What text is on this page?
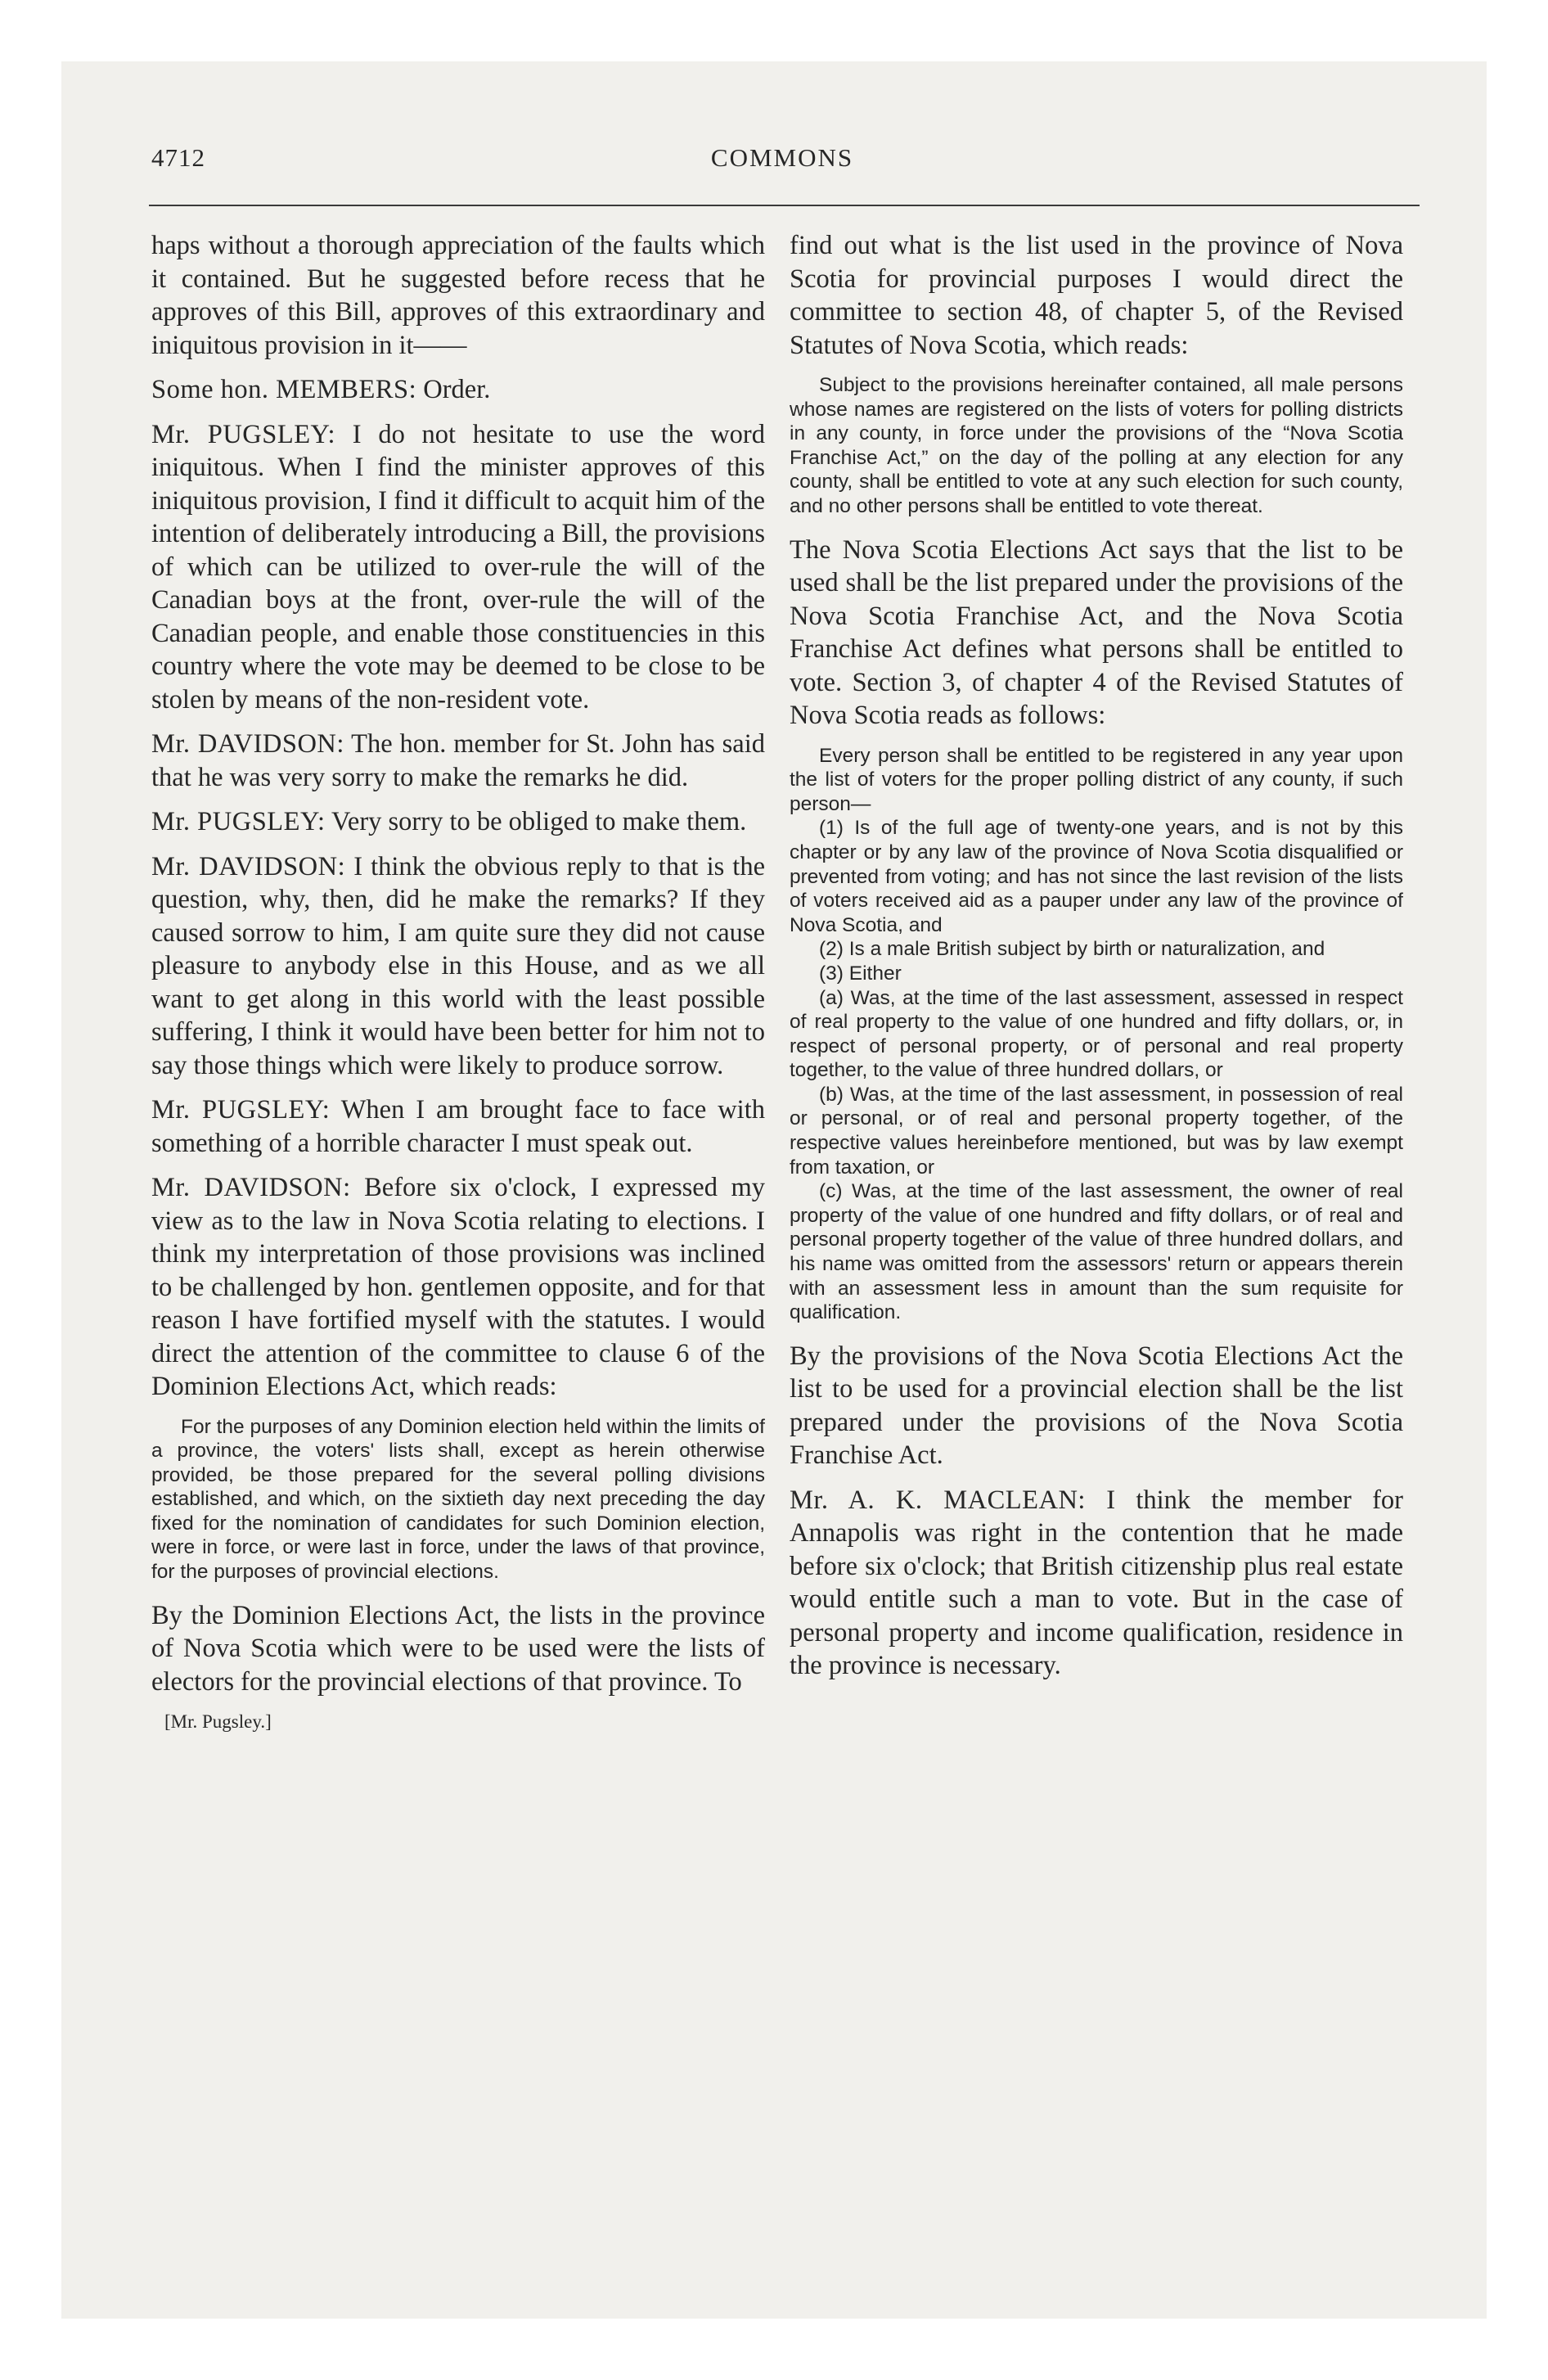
4712	COMMONS

haps without a thorough appreciation of the faults which it contained. But he suggested before recess that he approves of this Bill, approves of this extraordinary and iniquitous provision in it——

Some hon. MEMBERS: Order.

Mr. PUGSLEY: I do not hesitate to use the word iniquitous. When I find the minister approves of this iniquitous provision, I find it difficult to acquit him of the intention of deliberately introducing a Bill, the provisions of which can be utilized to over-rule the will of the Canadian boys at the front, over-rule the will of the Canadian people, and enable those constituencies in this country where the vote may be deemed to be close to be stolen by means of the non-resident vote.

Mr. DAVIDSON: The hon. member for St. John has said that he was very sorry to make the remarks he did.

Mr. PUGSLEY: Very sorry to be obliged to make them.

Mr. DAVIDSON: I think the obvious reply to that is the question, why, then, did he make the remarks? If they caused sorrow to him, I am quite sure they did not cause pleasure to anybody else in this House, and as we all want to get along in this world with the least possible suffering, I think it would have been better for him not to say those things which were likely to produce sorrow.

Mr. PUGSLEY: When I am brought face to face with something of a horrible character I must speak out.

Mr. DAVIDSON: Before six o'clock, I expressed my view as to the law in Nova Scotia relating to elections. I think my interpretation of those provisions was inclined to be challenged by hon. gentlemen opposite, and for that reason I have fortified myself with the statutes. I would direct the attention of the committee to clause 6 of the Dominion Elections Act, which reads:

For the purposes of any Dominion election held within the limits of a province, the voters' lists shall, except as herein otherwise provided, be those prepared for the several polling divisions established, and which, on the sixtieth day next preceding the day fixed for the nomination of candidates for such Dominion election, were in force, or were last in force, under the laws of that province, for the purposes of provincial elections.

By the Dominion Elections Act, the lists in the province of Nova Scotia which were to be used were the lists of electors for the provincial elections of that province. To

[Mr. Pugsley.]

find out what is the list used in the province of Nova Scotia for provincial purposes I would direct the committee to section 48, of chapter 5, of the Revised Statutes of Nova Scotia, which reads:

Subject to the provisions hereinafter contained, all male persons whose names are registered on the lists of voters for polling districts in any county, in force under the provisions of the “Nova Scotia Franchise Act,” on the day of the polling at any election for any county, shall be entitled to vote at any such election for such county, and no other persons shall be entitled to vote thereat.

The Nova Scotia Elections Act says that the list to be used shall be the list prepared under the provisions of the Nova Scotia Franchise Act, and the Nova Scotia Franchise Act defines what persons shall be entitled to vote. Section 3, of chapter 4 of the Revised Statutes of Nova Scotia reads as follows:

Every person shall be entitled to be registered in any year upon the list of voters for the proper polling district of any county, if such person—

(1) Is of the full age of twenty-one years, and is not by this chapter or by any law of the province of Nova Scotia disqualified or prevented from voting; and has not since the last revision of the lists of voters received aid as a pauper under any law of the province of Nova Scotia, and

(2) Is a male British subject by birth or naturalization, and

(3) Either

(a) Was, at the time of the last assessment, assessed in respect of real property to the value of one hundred and fifty dollars, or, in respect of personal property, or of personal and real property together, to the value of three hundred dollars, or

(b) Was, at the time of the last assessment, in possession of real or personal, or of real and personal property together, of the respective values hereinbefore mentioned, but was by law exempt from taxation, or

(c) Was, at the time of the last assessment, the owner of real property of the value of one hundred and fifty dollars, or of real and personal property together of the value of three hundred dollars, and his name was omitted from the assessors' return or appears therein with an assessment less in amount than the sum requisite for qualification.

By the provisions of the Nova Scotia Elections Act the list to be used for a provincial election shall be the list prepared under the provisions of the Nova Scotia Franchise Act.

Mr. A. K. MACLEAN: I think the member for Annapolis was right in the contention that he made before six o'clock; that British citizenship plus real estate would entitle such a man to vote. But in the case of personal property and income qualification, residence in the province is necessary.
